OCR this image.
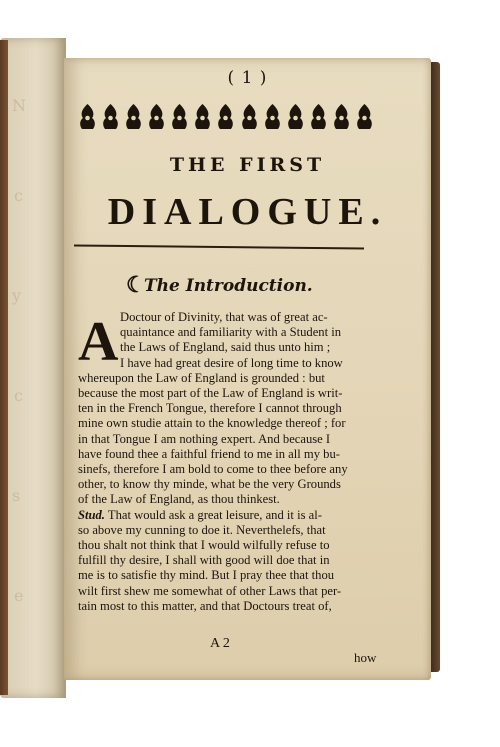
N
c
y
c
s
e
( 1 )
THE FIRST
DIALOGUE.
☾
The Introduction.
A Doctour of Divinity, that was of great ac-
quaintance and familiarity with a Student in
the Laws of England, said thus unto him ;
I have had great desire of long time to know
whereupon the Law of England is grounded : but
because the most part of the Law of England is writ-
ten in the French Tongue, therefore I cannot through
mine own studie attain to the knowledge thereof ; for
in that Tongue I am nothing expert. And because I
have found thee a faithful friend to me in all my bu-
sinefs, therefore I am bold to come to thee before any
other, to know thy minde, what be the very Grounds
of the Law of England, as thou thinkest.
Stud. That would ask a great leisure, and it is al-
so above my cunning to doe it. Neverthelefs, that
thou shalt not think that I would wilfully refuse to
fulfill thy desire, I shall with good will doe that in
me is to satisfie thy mind. But I pray thee that thou
wilt first shew me somewhat of other Laws that per-
tain most to this matter, and that Doctours treat of,
A 2
how
